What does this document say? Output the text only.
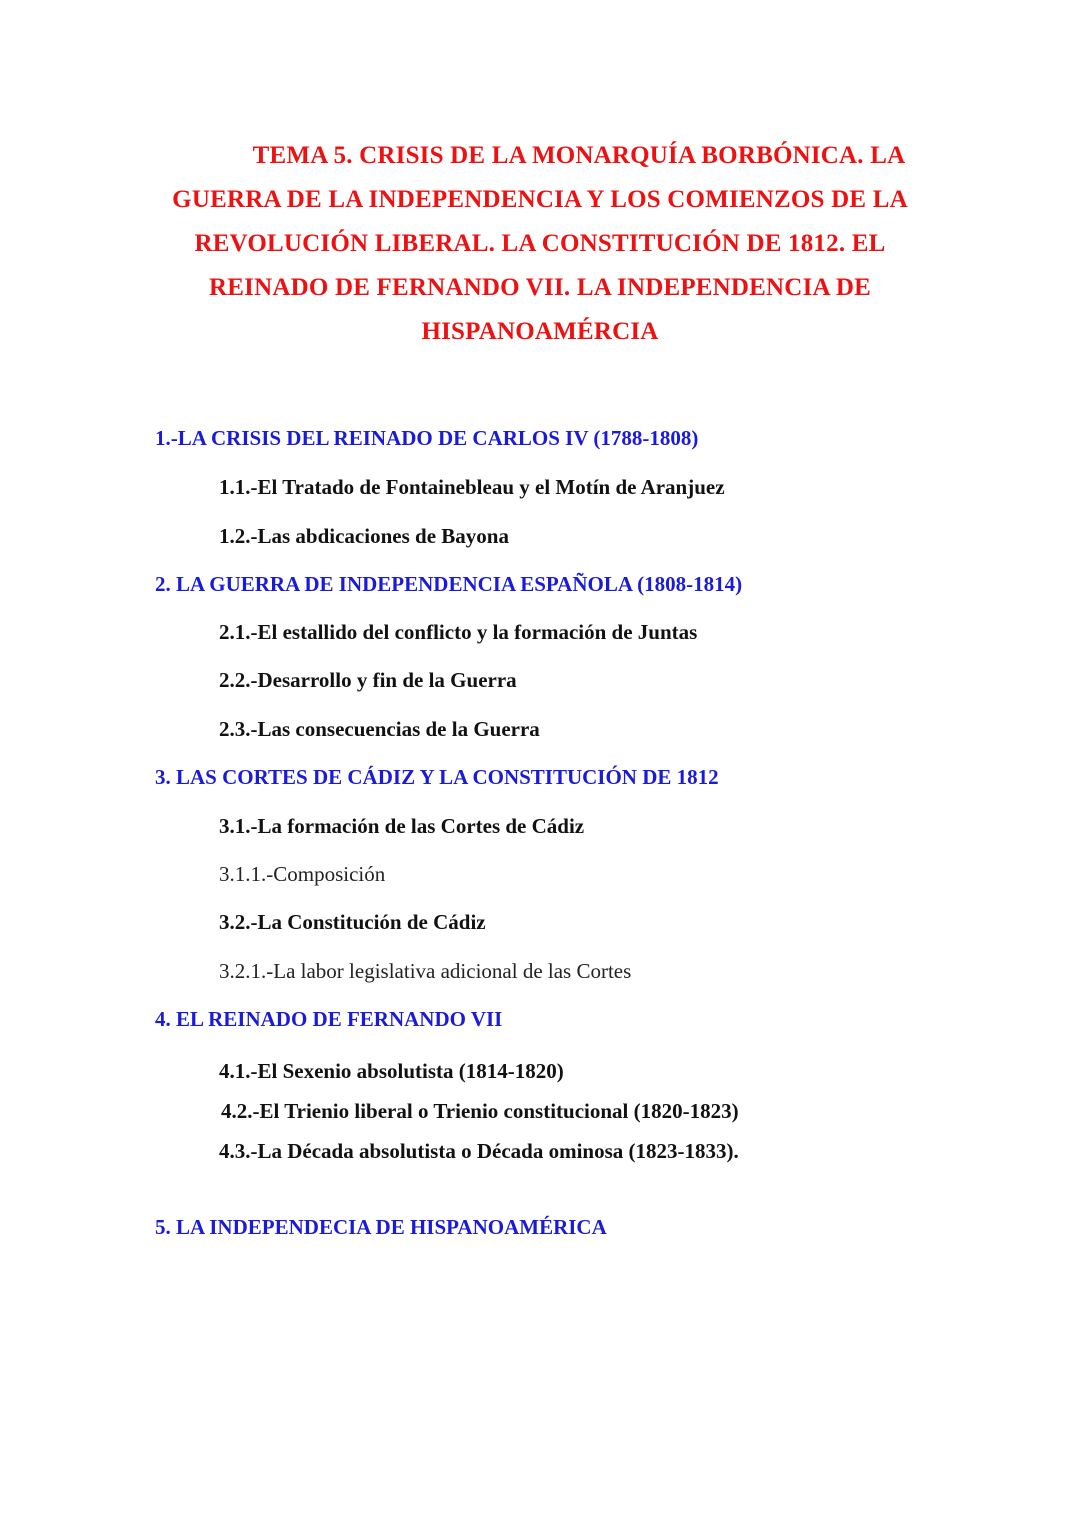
TEMA 5. CRISIS DE LA MONARQUÍA BORBÓNICA. LA
GUERRA DE LA INDEPENDENCIA Y LOS COMIENZOS DE LA
REVOLUCIÓN LIBERAL. LA CONSTITUCIÓN DE 1812. EL
REINADO DE FERNANDO VII. LA INDEPENDENCIA DE
HISPANOAMÉRCIA
1.-LA CRISIS DEL REINADO DE CARLOS IV (1788-1808)
1.1.-El Tratado de Fontainebleau y el Motín de Aranjuez
1.2.-Las abdicaciones de Bayona
2. LA GUERRA DE INDEPENDENCIA ESPAÑOLA (1808-1814)
2.1.-El estallido del conflicto y la formación de Juntas
2.2.-Desarrollo y fin de la Guerra
2.3.-Las consecuencias de la Guerra
3. LAS CORTES DE CÁDIZ Y LA CONSTITUCIÓN DE 1812
3.1.-La formación de las Cortes de Cádiz
3.1.1.-Composición
3.2.-La Constitución de Cádiz
3.2.1.-La labor legislativa adicional de las Cortes
4. EL REINADO DE FERNANDO VII
4.1.-El Sexenio absolutista (1814-1820)
4.2.-El Trienio liberal o Trienio constitucional (1820-1823)
4.3.-La Década absolutista o Década ominosa (1823-1833).
5. LA INDEPENDECIA DE HISPANOAMÉRICA
